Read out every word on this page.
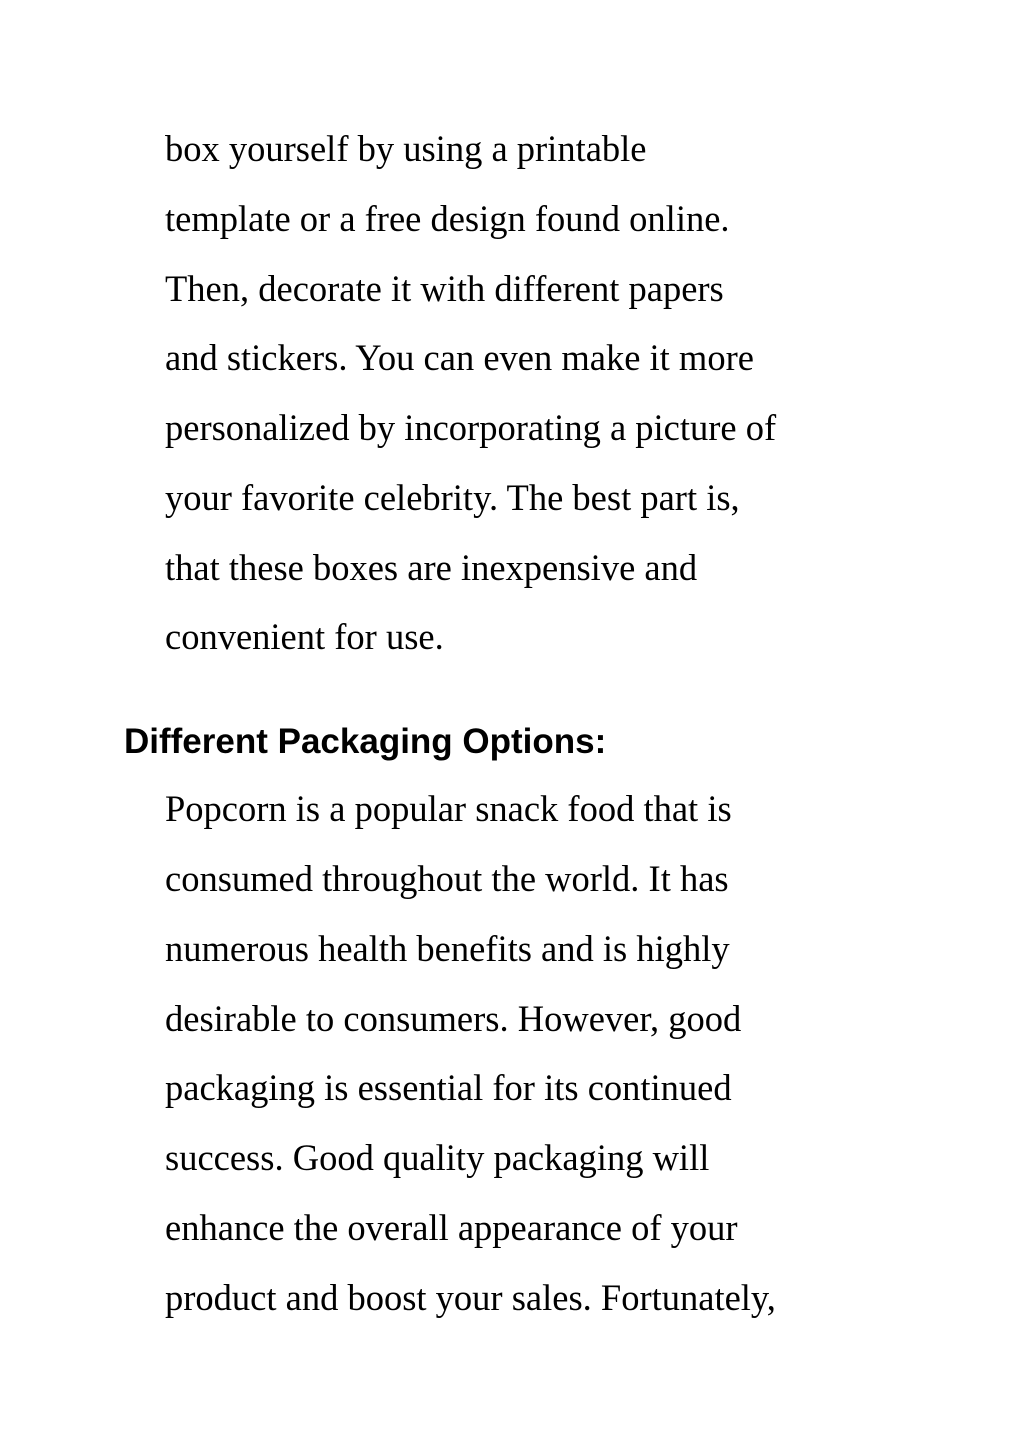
box yourself by using a printable
template or a free design found online.
Then, decorate it with different papers
and stickers. You can even make it more
personalized by incorporating a picture of
your favorite celebrity. The best part is,
that these boxes are inexpensive and
convenient for use.
Different Packaging Options:
Popcorn is a popular snack food that is
consumed throughout the world. It has
numerous health benefits and is highly
desirable to consumers. However, good
packaging is essential for its continued
success. Good quality packaging will
enhance the overall appearance of your
product and boost your sales. Fortunately,
